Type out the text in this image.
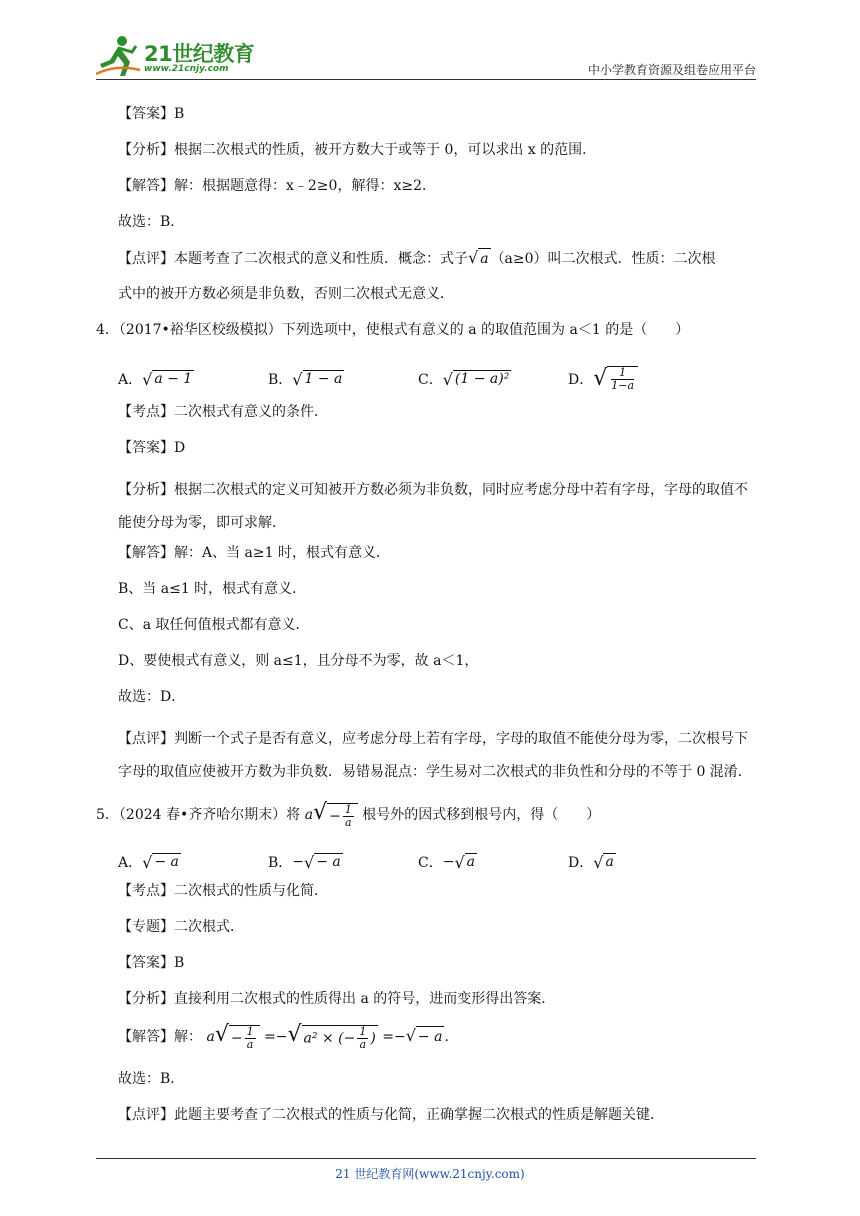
21世纪教育
www.21cnjy.com	中小学教育资源及组卷应用平台
【答案】B
【分析】根据二次根式的性质，被开方数大于或等于 0，可以求出 x 的范围．
【解答】解：根据题意得：x﹣2≥0，解得：x≥2．
故选：B．
【点评】本题考查了二次根式的意义和性质．概念：式子 √ a （a≥0）叫二次根式．性质：二次根
式中的被开方数必须是非负数，否则二次根式无意义．
4．（2017•裕华区校级模拟）下列选项中，使根式有意义的 a 的取值范围为 a＜1 的是（　　）
A． √ a − 1	B． √ 1 − a	C． √ (1 − a)²	D． √ $\frac{1}{1-a}$
【考点】二次根式有意义的条件．
【答案】D
【分析】根据二次根式的定义可知被开方数必须为非负数，同时应考虑分母中若有字母，字母的取值不能使分母为零，即可求解．
【解答】解：A、当 a≥1 时，根式有意义．
B、当 a≤1 时，根式有意义．
C、a 取任何值根式都有意义．
D、要使根式有意义，则 a≤1，且分母不为零，故 a＜1，
故选：D．
【点评】判断一个式子是否有意义，应考虑分母上若有字母，字母的取值不能使分母为零，二次根号下字母的取值应使被开方数为非负数．易错易混点：学生易对二次根式的非负性和分母的不等于 0 混淆．
5．（2024 春•齐齐哈尔期末）将 a √ − $\frac{1}{a}$ 根号外的因式移到根号内，得（　　）
A． √ − a	B． − √ − a	C． − √ a	D． √ a
【考点】二次根式的性质与化简．
【专题】二次根式．
【答案】B
【分析】直接利用二次根式的性质得出 a 的符号，进而变形得出答案．
【解答】解： a √ − $\frac{1}{a}$ =− √ a² × (− $\frac{1}{a}$ ) =− √ − a .
故选：B．
【点评】此题主要考查了二次根式的性质与化简，正确掌握二次根式的性质是解题关键．
21 世纪教育网(www.21cnjy.com)
